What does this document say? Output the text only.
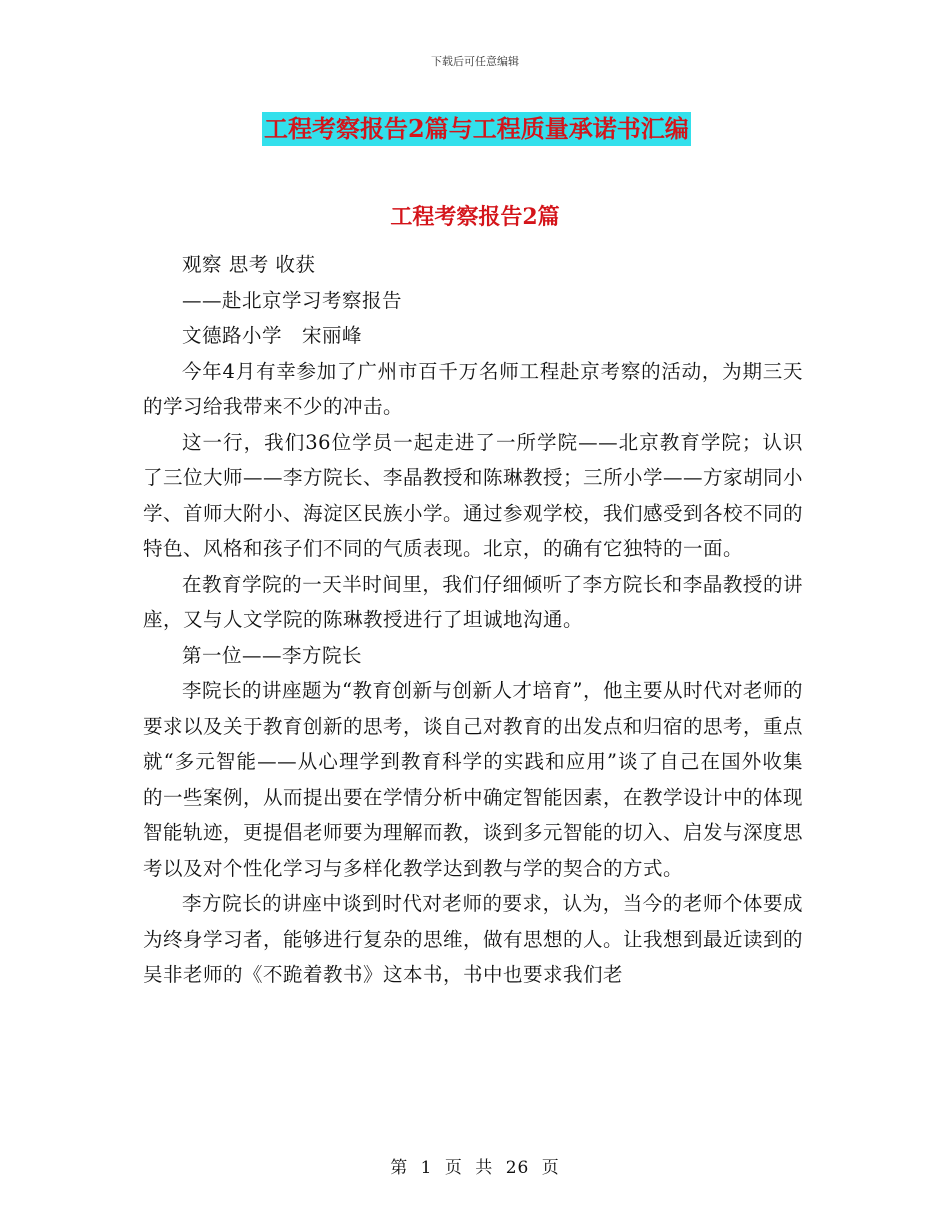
下载后可任意编辑
工程考察报告2篇与工程质量承诺书汇编
工程考察报告2篇

观察 思考 收获

——赴北京学习考察报告

文德路小学　宋丽峰

今年4月有幸参加了广州市百千万名师工程赴京考察的活动，为期三天的学习给我带来不少的冲击。

这一行，我们36位学员一起走进了一所学院——北京教育学院；认识了三位大师——李方院长、李晶教授和陈琳教授；三所小学——方家胡同小学、首师大附小、海淀区民族小学。通过参观学校，我们感受到各校不同的特色、风格和孩子们不同的气质表现。北京，的确有它独特的一面。

在教育学院的一天半时间里，我们仔细倾听了李方院长和李晶教授的讲座，又与人文学院的陈琳教授进行了坦诚地沟通。

第一位——李方院长

李院长的讲座题为“教育创新与创新人才培育”，他主要从时代对老师的要求以及关于教育创新的思考，谈自己对教育的出发点和归宿的思考，重点就“多元智能——从心理学到教育科学的实践和应用”谈了自己在国外收集的一些案例，从而提出要在学情分析中确定智能因素，在教学设计中的体现智能轨迹，更提倡老师要为理解而教，谈到多元智能的切入、启发与深度思考以及对个性化学习与多样化教学达到教与学的契合的方式。

李方院长的讲座中谈到时代对老师的要求，认为，当今的老师个体要成为终身学习者，能够进行复杂的思维，做有思想的人。让我想到最近读到的吴非老师的《不跪着教书》这本书，书中也要求我们老

第 1 页 共 26 页
